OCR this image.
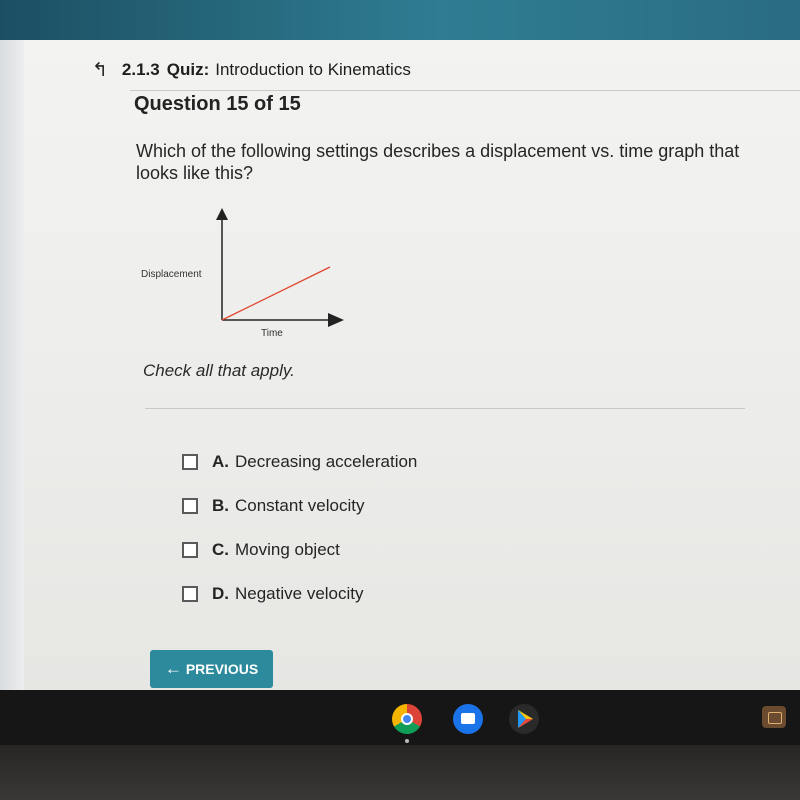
↰ 2.1.3 Quiz: Introduction to Kinematics
Question 15 of 15
Which of the following settings describes a displacement vs. time graph that looks like this?
Displacement
Time
Check all that apply.
A. Decreasing acceleration
B. Constant velocity
C. Moving object
D. Negative velocity
← PREVIOUS
